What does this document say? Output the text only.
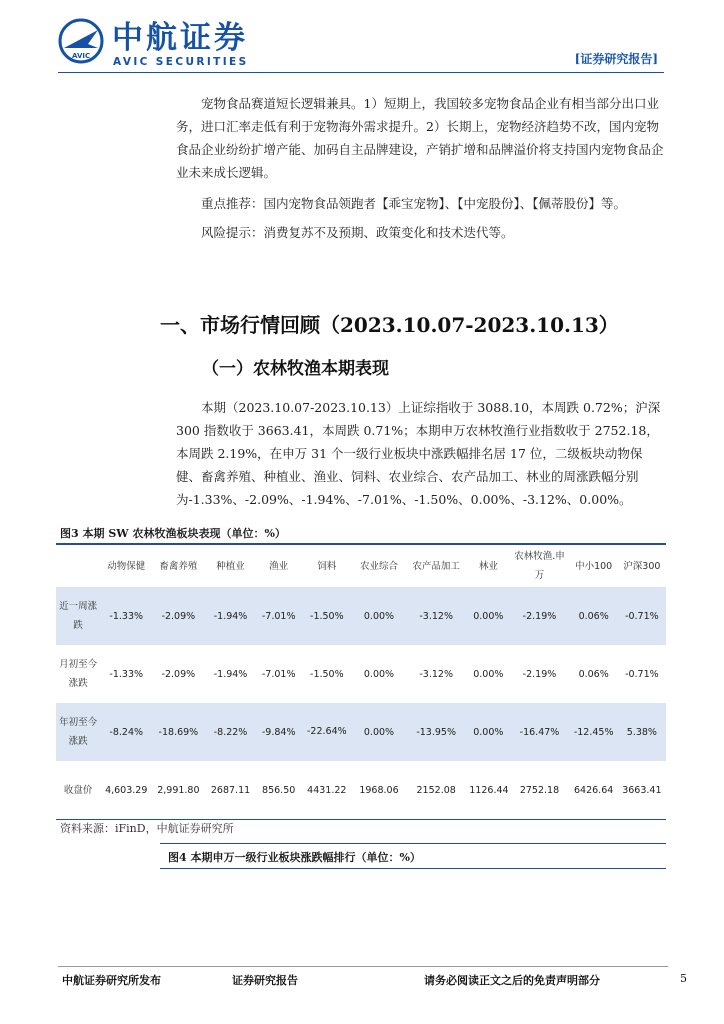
AVIC 中航证券
AVIC SECURITIES	[证券研究报告]

宠物食品赛道短长逻辑兼具。1）短期上，我国较多宠物食品企业有相当部分出口业务，进口汇率走低有利于宠物海外需求提升。2）长期上，宠物经济趋势不改，国内宠物食品企业纷纷扩增产能、加码自主品牌建设，产销扩增和品牌溢价将支持国内宠物食品企业未来成长逻辑。

重点推荐：国内宠物食品领跑者【乖宝宠物】、【中宠股份】、【佩蒂股份】等。

风险提示：消费复苏不及预期、政策变化和技术迭代等。

一、市场行情回顾（2023.10.07-2023.10.13）
（一）农林牧渔本期表现

本期（2023.10.07-2023.10.13）上证综指收于 3088.10，本周跌 0.72%；沪深 300 指数收于 3663.41，本周跌 0.71%；本期申万农林牧渔行业指数收于 2752.18，本周跌 2.19%，在申万 31 个一级行业板块中涨跌幅排名居 17 位，二级板块动物保健、畜禽养殖、种植业、渔业、饲料、农业综合、农产品加工、林业的周涨跌幅分别为-1.33%、-2.09%、-1.94%、-7.01%、-1.50%、0.00%、-3.12%、0.00%。

图3 本期 SW 农林牧渔板块表现（单位：%）
	动物保健	畜禽养殖	种植业	渔业	饲料	农业综合	农产品加工	林业	农林牧渔.申万	中小100	沪深300
近一周涨跌	-1.33%	-2.09%	-1.94%	-7.01%	-1.50%	0.00%	-3.12%	0.00%	-2.19%	0.06%	-0.71%
月初至今涨跌	-1.33%	-2.09%	-1.94%	-7.01%	-1.50%	0.00%	-3.12%	0.00%	-2.19%	0.06%	-0.71%
年初至今涨跌	-8.24%	-18.69%	-8.22%	-9.84%	-22.64%	0.00%	-13.95%	0.00%	-16.47%	-12.45%	5.38%
收盘价	4,603.29	2,991.80	2687.11	856.50	4431.22	1968.06	2152.08	1126.44	2752.18	6426.64	3663.41
资料来源：iFinD，中航证券研究所
图4 本期申万一级行业板块涨跌幅排行（单位：%）
中航证券研究所发布	证券研究报告	请务必阅读正文之后的免责声明部分	5
